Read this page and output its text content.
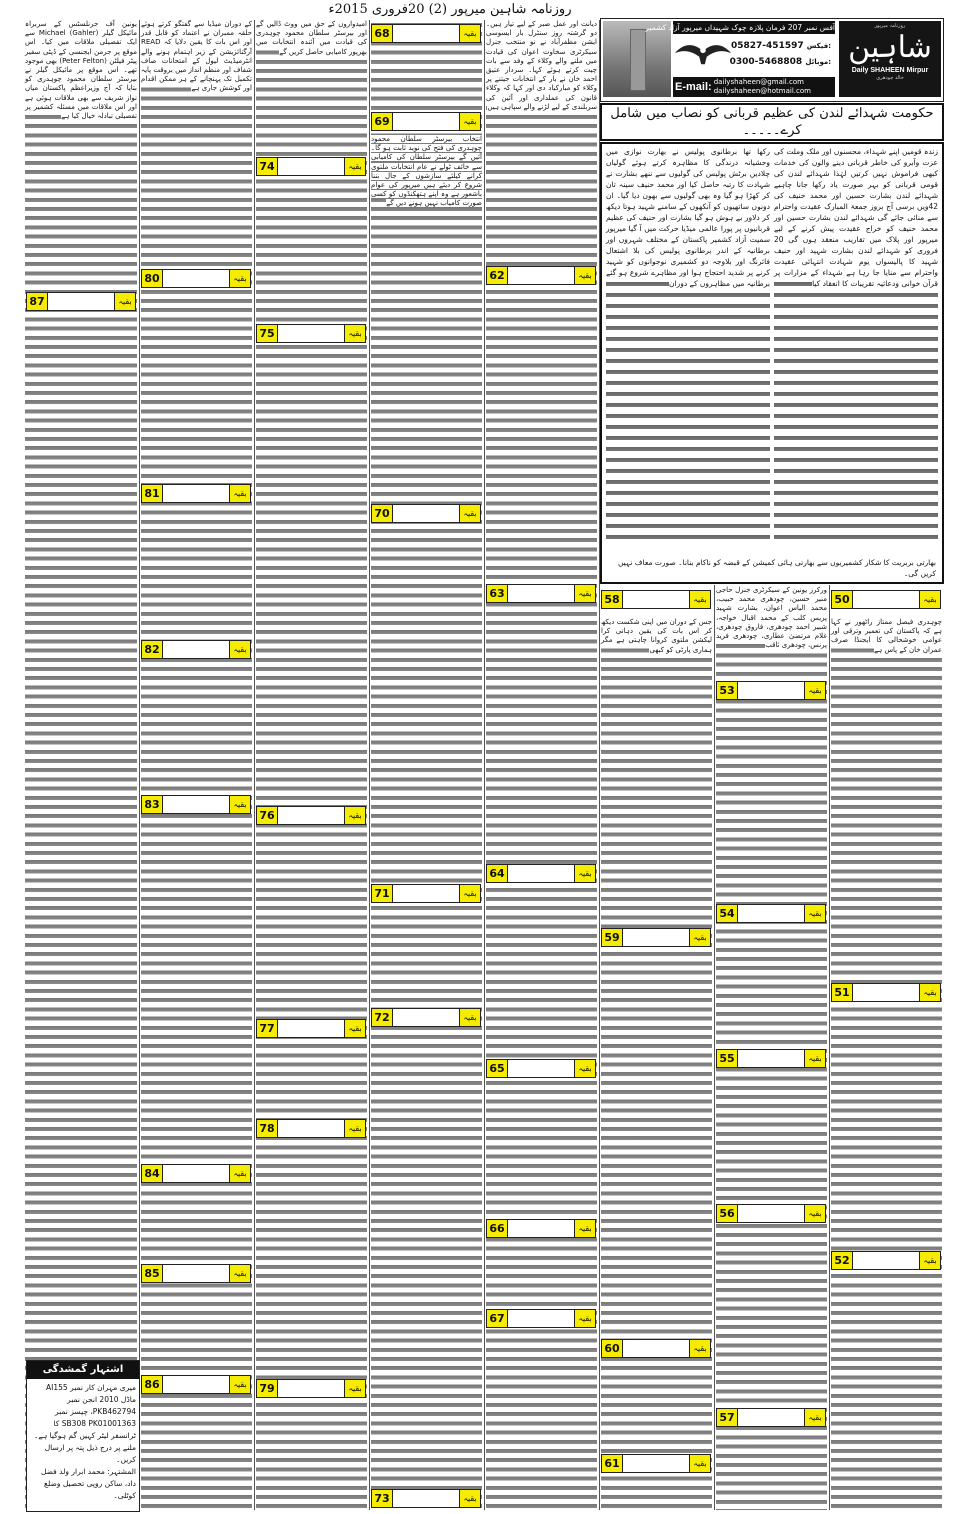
روزنامہ شاہین میرپور (2) 20فروری 2015ء
یونین آف جرنلسٹس کے سربراہ مائیکل گیلر Michael (Gahler) سے ایک تفصیلی ملاقات میں کیا۔ اس موقع پر جرمن ایجنسی کے ڈپٹی سفیر پیٹر فیلٹن (Peter Felton) بھی موجود تھے۔ اس موقع پر مائیکل گیلر نے بیرسٹر سلطان محمود چوہدری کو بتایا کہ آج وزیراعظم پاکستان میاں نواز شریف سے بھی ملاقات ہوئی ہے اور اس ملاقات میں مسئلہ کشمیر پر تفصیلی تبادلہ خیال کیا ہے
کے دوران میڈیا سے گفتگو کرتے ہوئے حلقہ ممبران نے اعتماد کو قابل قدر اور اس بات کا یقین دلایا کہ READ آرگنائزیشن کے زیر اہتمام ہونے والے انٹرمیڈیٹ لیول کے امتحانات صاف شفاف اور منظم انداز میں بروقت پایہ تکمیل تک پہنچانے کے ہر ممکن اقدام اور کوشش جاری ہے
امیدواروں کے حق میں ووٹ ڈالیں گے اور بیرسٹر سلطان محمود چوہدری کی قیادت میں آئندہ انتخابات میں بھرپور کامیابی حاصل کریں گے
انتخاب بیرسٹر سلطان محمود چوہدری کی فتح کی نوید ثابت ہو گا۔ آئیں گے بیرسٹر سلطان کی کامیابی سے خائف ٹولے نے عام انتخابات ملتوی کرانے کیلئے سازشوں کے جال بننا شروع کر دیئے ہیں میرپور کی عوام باشعور ہے وہ اپنے ہتھکنڈوں کو کسی صورت کامیاب نہیں ہونے دیں گے
دیانت اور عمل صبر کے لیے تیار ہیں۔ دو گرشتہ روز سنٹرل بار ایسوسی ایشن مظفرآباد نے نو منتخب جنرل سیکرٹری سخاوت اعوان کی قیادت میں ملنے والے وکلاء کے وفد سے بات چیت کرتے ہوئے کہا۔ سردار عتیق احمد خان نے بار کے انتخابات جیتنے پر وکلاء کو مبارکباد دی اور کہا کہ وکلاء قانون کی عملداری اور آئین کی سربلندی کے لیے لڑنے والے سپاہی ہیں
جس کے دوران میں اپنی شکست دیکھ کر اس بات کی یقین دہانی کرا لیکشن ملتوی کروانا چاہتی ہے مگر ہماری پارٹی کو کبھی
ورکرز یونین کے سیکرٹری جنرل حاجی منیر حسین، چودھری محمد حبیب، محمد الیاس اعوان، بشارت شہید پریس کلب کے محمد اقبال خواجہ، شبیر احمد چودھری، فاروق چودھری، غلام مرتضیٰ عطاری، چودھری فرید پرنس، چودھری ثاقب
چوہدری فیصل ممتاز راٹھور نے کہا ہے کہ پاکستان کی تعمیر وترقی اور عوامی خوشحالی کا ایجنڈا صرف عمران خان کے پاس ہے
آفس نمبر 207 فرمان پلازہ چوک شہیداں میرپور آزاد کشمیر
05827-451597 فیکس:
0300-5468808 موبائل:
E-mail: dailyshaheen@gmail.com
dailyshaheen@hotmail.com
روزنامہ میرپور
شاہین
Daily SHAHEEN Mirpur
خالد چودھری
حکومت شہدائے لندن کی عظیم قربانی کو نصاب میں شامل کرے۔۔۔۔۔
زندہ قومیں اپنے شہداء، محسنوں اور ملک وملت کی عزت وآبرو کی خاطر قربانی دینے والوں کی خدمات کبھی فراموش نہیں کرتیں لہٰذا شہدائے لندن کی قومی قربانی کو بہر صورت یاد رکھا جانا چاہیے شہدائے لندن بشارت حسین اور محمد حنیف کی 42ویں برسی آج بروز جمعۃ المبارک عقیدت واحترام سے منائی جائے گی شہدائے لندن بشارت حسین اور محمد حنیف کو خراج عقیدت پیش کرنے کے لیے میرپور اور پلاک میں تقاریب منعقد ہوں گی 20 فروری کو شہدائے لندن بشارت شہید اور حنیف شہید کا پالیسواں یوم شہادت انتہائی عقیدت واحترام سے منایا جا رہا ہے شہداء کے مزارات پر قرآن خوانی ودعائیہ تقریبات کا انعقاد کیا
رکھا تھا برطانوی پولیس نے بھارت نوازی میں وحشیانہ درندگی کا مظاہرہ کرتے ہوئے گولیاں چلادیں برٹش پولیس کی گولیوں سے ننھے بشارت نے شہادت کا رتبہ حاصل کیا اور محمد حنیف سینہ تان کر کھڑا ہو گیا وہ بھی گولیوں سے بھون دیا گیا۔ ان دونوں ساتھیوں کو آنکھوں کے سامنے شہید ہوتا دیکھ کر دلاور بے ہوش ہو گیا بشارت اور حنیف کی عظیم قربانیوں پر پورا عالمی میڈیا حرکت میں آ گیا میرپور سمیت آزاد کشمیر پاکستان کے مختلف شہروں اور برطانیہ کے اندر برطانوی پولیس کی بلا اشتعال فائرنگ اور بلاوجہ دو کشمیری نوجوانوں کو شہید کرنے پر شدید احتجاج ہوا اور مظاہرے شروع ہو گئے برطانیہ میں مظاہروں کے دوران
بھارتی بربریت کا شکار کشمیریوں سے بھارتی ہائی کمیشن کے قبضہ کو ناکام بنانا۔ صورت معاف نہیں کریں گی۔
اشتہار گمشدگی
میری مہران کار نمبر AI155 ماڈل 2010 انجن نمبر PKB462794، چیسز نمبر SB308 PK01001363 کا ٹرانسفر لیٹر کہیں گم ہوگیا ہے۔ ملنے پر درج ذیل پتہ پر ارسال کریں۔
المشتہر: محمد ابرار ولد فضل داد، ساکن روپی تحصیل وضلع کوٹلی۔
68	بقیہ
69	بقیہ
74	بقیہ
62	بقیہ
80	بقیہ
87	بقیہ
75	بقیہ
81	بقیہ
70	بقیہ
63	بقیہ	58	بقیہ	50	بقیہ
82	بقیہ
53	بقیہ
83	بقیہ
76	بقیہ
64	بقیہ
71	بقیہ
54	بقیہ
59	بقیہ
51	بقیہ
72	بقیہ
77	بقیہ
55	بقیہ
65	بقیہ
78	بقیہ
84	بقیہ
56	بقیہ
66	بقیہ
52	بقیہ
85	بقیہ
67	بقیہ
60	بقیہ
86	بقیہ	79	بقیہ
57	بقیہ
61	بقیہ
73	بقیہ
